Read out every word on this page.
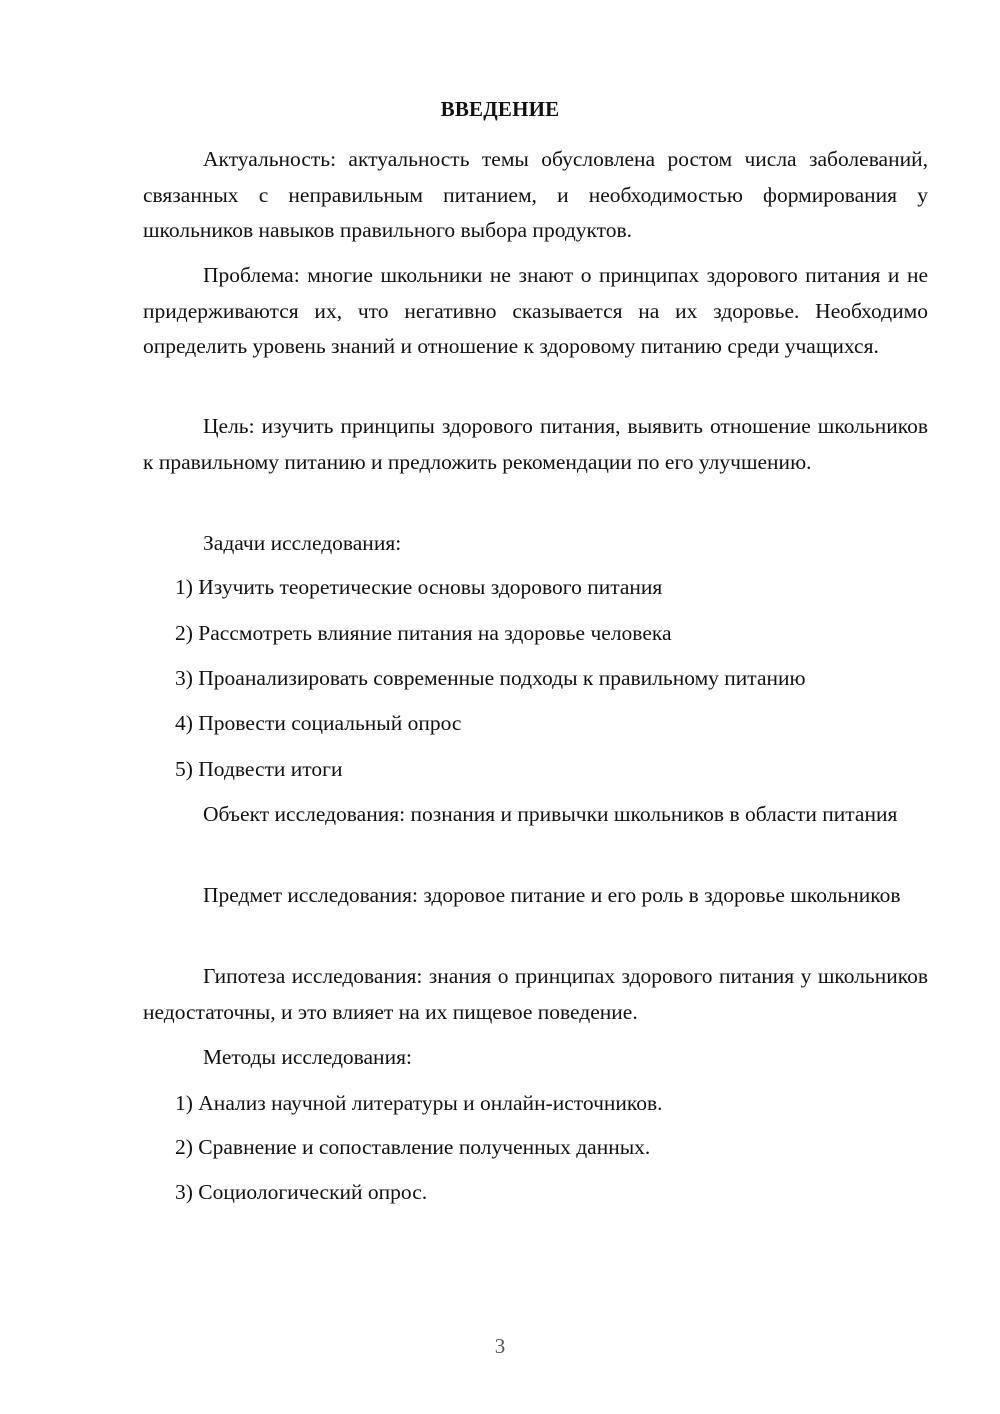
ВВЕДЕНИЕ

Актуальность: актуальность темы обусловлена ростом числа заболеваний, связанных с неправильным питанием, и необходимостью формирования у школьников навыков правильного выбора продуктов.

Проблема: многие школьники не знают о принципах здорового питания и не придерживаются их, что негативно сказывается на их здоровье. Необходимо определить уровень знаний и отношение к здоровому питанию среди учащихся.

Цель: изучить принципы здорового питания, выявить отношение школьников к правильному питанию и предложить рекомендации по его улучшению.

Задачи исследования:

1) Изучить теоретические основы здорового питания

2) Рассмотреть влияние питания на здоровье человека

3) Проанализировать современные подходы к правильному питанию

4) Провести социальный опрос

5) Подвести итоги

Объект исследования: познания и привычки школьников в области питания

Предмет исследования: здоровое питание и его роль в здоровье школьников

Гипотеза исследования: знания о принципах здорового питания у школьников недостаточны, и это влияет на их пищевое поведение.

Методы исследования:

1) Анализ научной литературы и онлайн-источников.

2) Сравнение и сопоставление полученных данных.

3) Социологический опрос.

3
